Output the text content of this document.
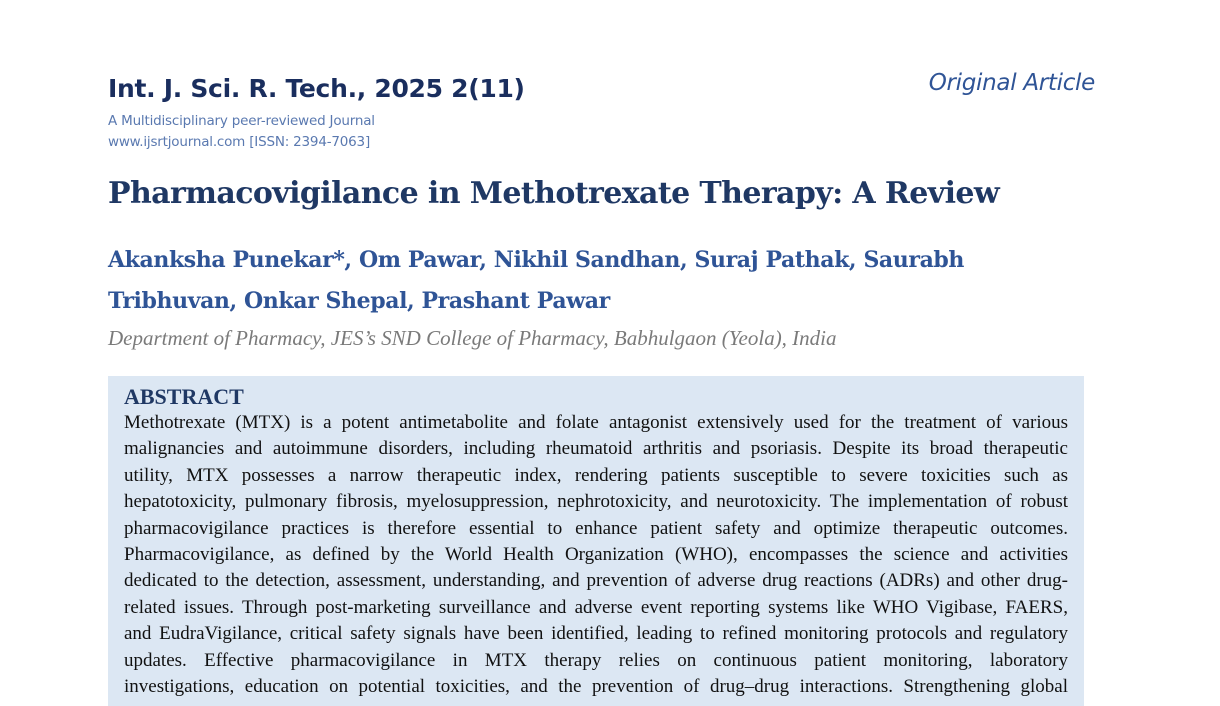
Int. J. Sci. R. Tech., 2025 2(11)
A Multidisciplinary peer-reviewed Journal
www.ijsrtjournal.com [ISSN: 2394-7063]
Original Article
Pharmacovigilance in Methotrexate Therapy: A Review
Akanksha Punekar*, Om Pawar, Nikhil Sandhan, Suraj Pathak, Saurabh
Tribhuvan, Onkar Shepal, Prashant Pawar
Department of Pharmacy, JES’s SND College of Pharmacy, Babhulgaon (Yeola), India
ABSTRACT
Methotrexate (MTX) is a potent antimetabolite and folate antagonist extensively used for the treatment of various
malignancies and autoimmune disorders, including rheumatoid arthritis and psoriasis. Despite its broad therapeutic
utility, MTX possesses a narrow therapeutic index, rendering patients susceptible to severe toxicities such as
hepatotoxicity, pulmonary fibrosis, myelosuppression, nephrotoxicity, and neurotoxicity. The implementation of robust
pharmacovigilance practices is therefore essential to enhance patient safety and optimize therapeutic outcomes.
Pharmacovigilance, as defined by the World Health Organization (WHO), encompasses the science and activities
dedicated to the detection, assessment, understanding, and prevention of adverse drug reactions (ADRs) and other drug-
related issues. Through post-marketing surveillance and adverse event reporting systems like WHO Vigibase, FAERS,
and EudraVigilance, critical safety signals have been identified, leading to refined monitoring protocols and regulatory
updates. Effective pharmacovigilance in MTX therapy relies on continuous patient monitoring, laboratory
investigations, education on potential toxicities, and the prevention of drug–drug interactions. Strengthening global
